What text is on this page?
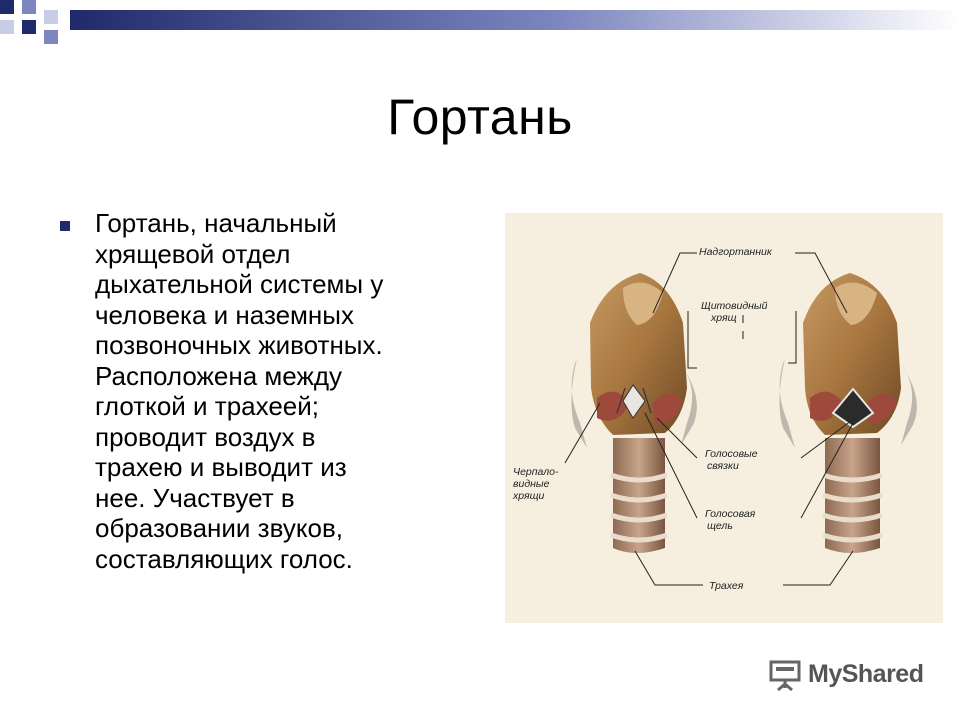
Гортань

Гортань, начальный
хрящевой отдел
дыхательной системы у
человека и наземных
позвоночных животных.
Расположена между
глоткой и трахеей;
проводит воздух в
трахею и выводит из
нее. Участвует в
образовании звуков,
составляющих голос.

Надгортанник
Щитовидный
хрящ
Голосовые
связки
Черпало-
видные
хрящи
Голосовая
щель
Трахея
MyShared
